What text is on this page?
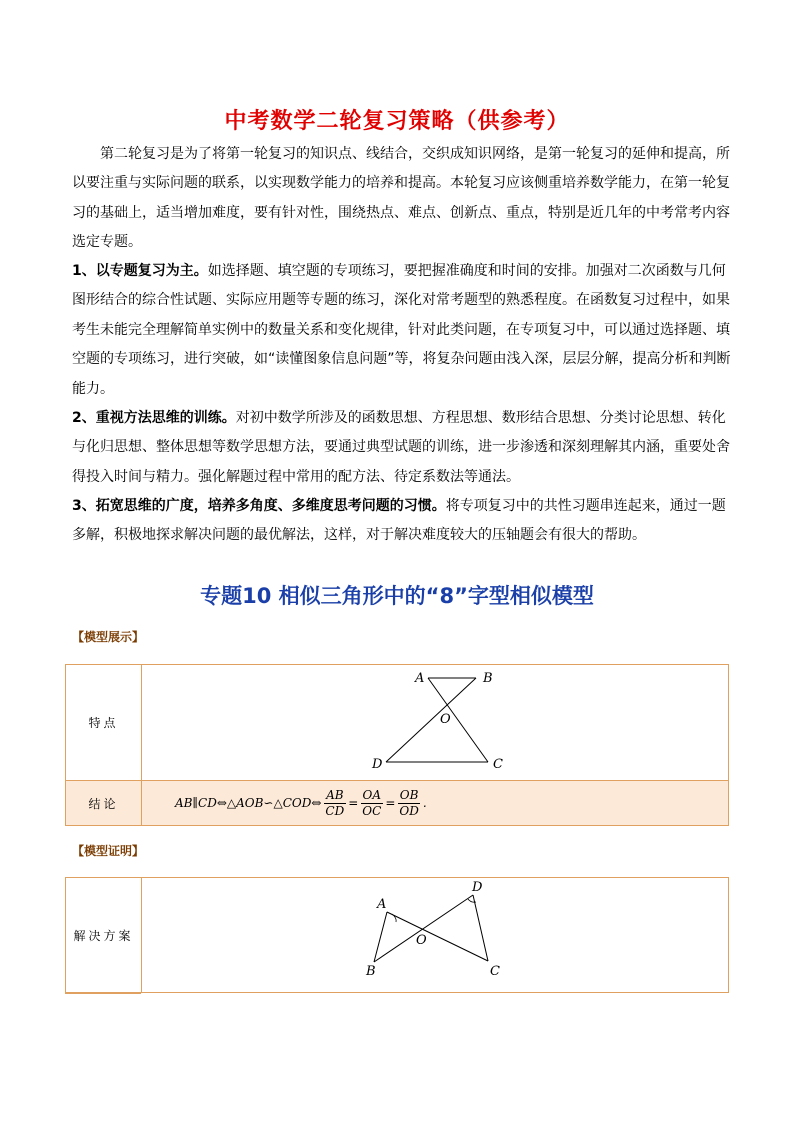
中考数学二轮复习策略（供参考）

第二轮复习是为了将第一轮复习的知识点、线结合，交织成知识网络，是第一轮复习的延伸和提高，所以要注重与实际问题的联系，以实现数学能力的培养和提高。本轮复习应该侧重培养数学能力，在第一轮复习的基础上，适当增加难度，要有针对性，围绕热点、难点、创新点、重点，特别是近几年的中考常考内容选定专题。

1、以专题复习为主。如选择题、填空题的专项练习，要把握准确度和时间的安排。加强对二次函数与几何图形结合的综合性试题、实际应用题等专题的练习，深化对常考题型的熟悉程度。在函数复习过程中，如果考生未能完全理解简单实例中的数量关系和变化规律，针对此类问题，在专项复习中，可以通过选择题、填空题的专项练习，进行突破，如“读懂图象信息问题”等，将复杂问题由浅入深，层层分解，提高分析和判断能力。

2、重视方法思维的训练。对初中数学所涉及的函数思想、方程思想、数形结合思想、分类讨论思想、转化与化归思想、整体思想等数学思想方法，要通过典型试题的训练，进一步渗透和深刻理解其内涵，重要处舍得投入时间与精力。强化解题过程中常用的配方法、待定系数法等通法。

3、拓宽思维的广度，培养多角度、多维度思考问题的习惯。将专项复习中的共性习题串连起来，通过一题多解，积极地探求解决问题的最优解法，这样，对于解决难度较大的压轴题会有很大的帮助。

专题10 相似三角形中的“8”字型相似模型
【模型展示】
特点
A	B
O
D	C
结论	AB∥CD⇔△AOB∽△COD⇔ $\frac{AB}{CD} = \frac{OA}{OC} = \frac{OB}{OD}$ .
【模型证明】
解决方案
A
D
O
B	C
